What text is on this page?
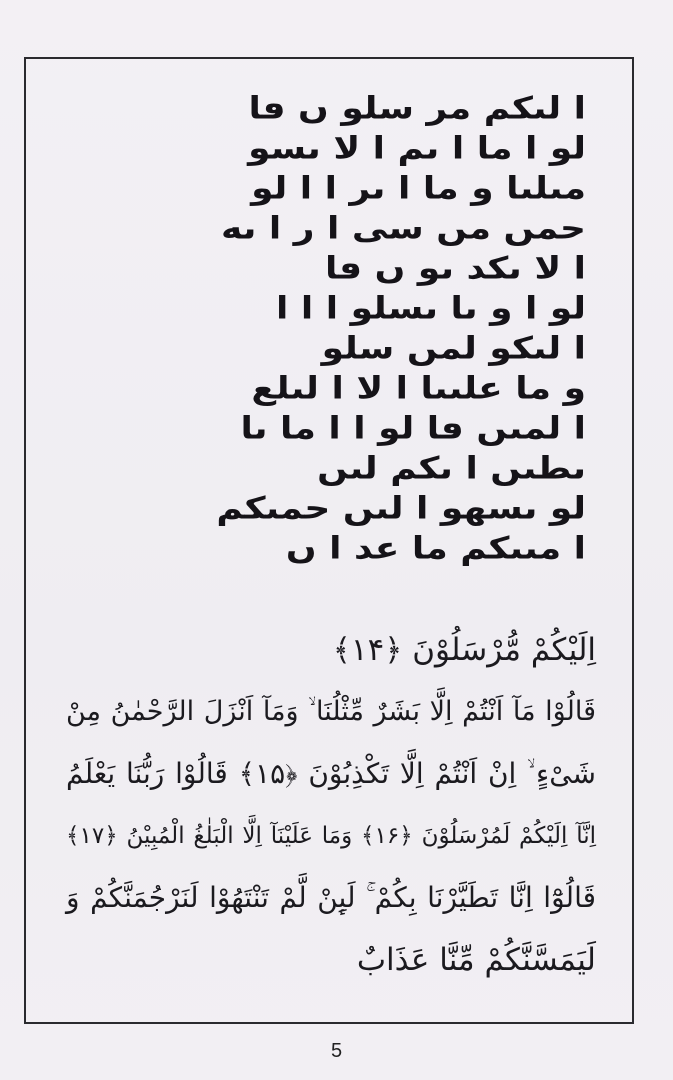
ا لىكم مر سلو ں ڡا
لو ا ما ا ىم ا لا ىسو
مىلىا و ما ا ىر ا ا لو
حمں مں سى ا ر ا ىه
ا لا ىكد ىو ں ڡا
لو ا و ىا ىسلو ا ا ا
ا لىكو لمں سلو
و ما علىىا ا لا ا لىلع
ا لمىں ڡا لو ا ا ما ىا
ىطىں ا ىكم لىں
لو ىسهو ا لىں حمىكم
ا مىىكم ما عد ا ں
اِلَيْكُمْ مُّرْسَلُوْنَ ﴿۱۴﴾
قَالُوْا مَآ اَنْتُمْ اِلَّا بَشَرٌ مِّثْلُنَا ۙ وَمَآ اَنْزَلَ الرَّحْمٰنُ مِنْ
شَیْءٍ ۙ اِنْ اَنْتُمْ اِلَّا تَكْذِبُوْنَ ﴿۱۵﴾ قَالُوْا رَبُّنَا يَعْلَمُ
اِنَّآ اِلَيْكُمْ لَمُرْسَلُوْنَ ﴿۱۶﴾ وَمَا عَلَيْنَآ اِلَّا الْبَلٰغُ الْمُبِيْنُ ﴿۱۷﴾
قَالُوْٓا اِنَّا تَطَيَّرْنَا بِكُمْ ۚ لَىِٕنْ لَّمْ تَنْتَهُوْا لَنَرْجُمَنَّكُمْ وَ
لَيَمَسَّنَّكُمْ مِّنَّا عَذَابٌ
5
